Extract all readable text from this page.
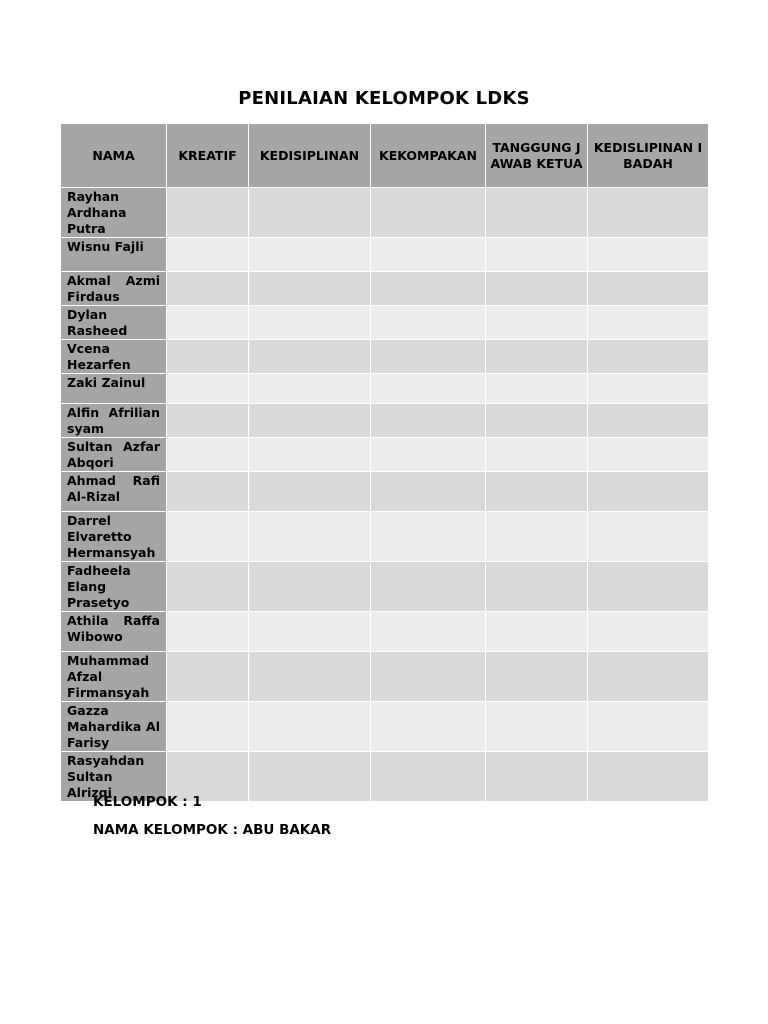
PENILAIAN KELOMPOK LDKS
NAMA	KREATIF	KEDISIPLINAN	KEKOMPAKAN	TANGGUNG JAWAB KETUA	KEDISLIPINAN IBADAH
Rayhan Ardhana Putra					
Wisnu Fajli					
Akmal Azmi Firdaus					
Dylan Rasheed					
Vcena Hezarfen					
Zaki Zainul					
Alfin Afrilian syam					
Sultan Azfar Abqori					
Ahmad Rafi Al-Rizal					
Darrel Elvaretto Hermansyah					
Fadheela Elang Prasetyo					
Athila Raffa Wibowo					
Muhammad Afzal Firmansyah					
Gazza Mahardika Al Farisy					
Rasyahdan Sultan Alrizqi					
KELOMPOK : 1
NAMA KELOMPOK : ABU BAKAR
